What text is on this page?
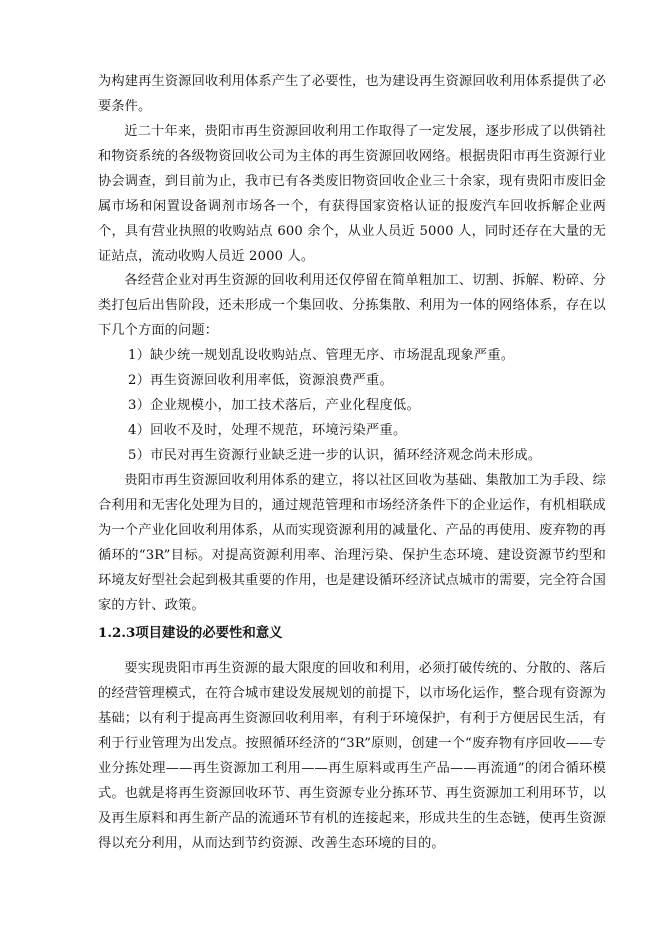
为构建再生资源回收利用体系产生了必要性，也为建设再生资源回收利用体系提供了必要条件。

近二十年来，贵阳市再生资源回收利用工作取得了一定发展，逐步形成了以供销社和物资系统的各级物资回收公司为主体的再生资源回收网络。根据贵阳市再生资源行业协会调查，到目前为止，我市已有各类废旧物资回收企业三十余家，现有贵阳市废旧金属市场和闲置设备调剂市场各一个，有获得国家资格认证的报废汽车回收拆解企业两个，具有营业执照的收购站点 600 余个，从业人员近 5000 人，同时还存在大量的无证站点，流动收购人员近 2000 人。

各经营企业对再生资源的回收利用还仅停留在简单粗加工、切割、拆解、粉碎、分类打包后出售阶段，还未形成一个集回收、分拣集散、利用为一体的网络体系，存在以下几个方面的问题：

1）缺少统一规划乱设收购站点、管理无序、市场混乱现象严重。

2）再生资源回收利用率低，资源浪费严重。

3）企业规模小，加工技术落后，产业化程度低。

4）回收不及时，处理不规范，环境污染严重。

5）市民对再生资源行业缺乏进一步的认识，循环经济观念尚未形成。

贵阳市再生资源回收利用体系的建立，将以社区回收为基础、集散加工为手段、综合利用和无害化处理为目的，通过规范管理和市场经济条件下的企业运作，有机相联成为一个产业化回收利用体系，从而实现资源利用的减量化、产品的再使用、废弃物的再循环的“3R”目标。对提高资源利用率、治理污染、保护生态环境、建设资源节约型和环境友好型社会起到极其重要的作用，也是建设循环经济试点城市的需要，完全符合国家的方针、政策。

1.2.3项目建设的必要性和意义

要实现贵阳市再生资源的最大限度的回收和利用，必须打破传统的、分散的、落后的经营管理模式，在符合城市建设发展规划的前提下，以市场化运作，整合现有资源为基础；以有利于提高再生资源回收利用率，有利于环境保护，有利于方便居民生活，有利于行业管理为出发点。按照循环经济的“3R”原则，创建一个“废弃物有序回收——专业分拣处理——再生资源加工利用——再生原料或再生产品——再流通”的闭合循环模式。也就是将再生资源回收环节、再生资源专业分拣环节、再生资源加工利用环节，以及再生原料和再生新产品的流通环节有机的连接起来，形成共生的生态链，使再生资源得以充分利用，从而达到节约资源、改善生态环境的目的。
